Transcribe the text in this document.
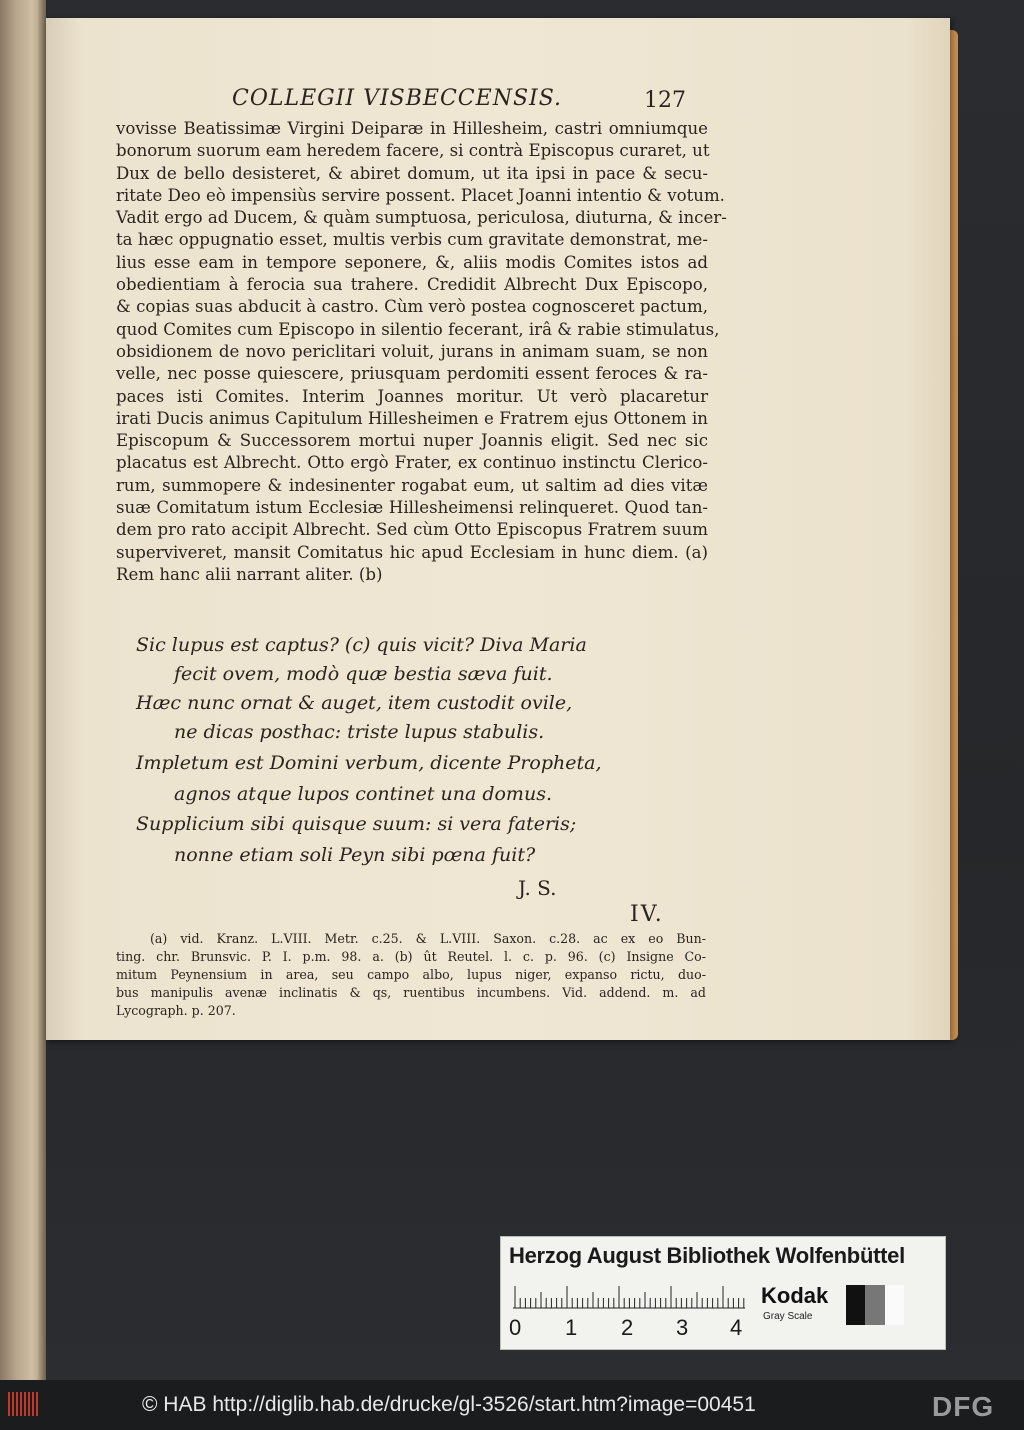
COLLEGII VISBECCENSIS.	127
vovisse Beatissimæ Virgini Deiparæ in Hillesheim, castri omniumque
bonorum suorum eam heredem facere, si contrà Episcopus curaret, ut
Dux de bello desisteret, & abiret domum, ut ita ipsi in pace & secu-
ritate Deo eò impensiùs servire possent. Placet Joanni intentio & votum.
Vadit ergo ad Ducem, & quàm sumptuosa, periculosa, diuturna, & incer-
ta hæc oppugnatio esset, multis verbis cum gravitate demonstrat, me-
lius esse eam in tempore seponere, &, aliis modis Comites istos ad
obedientiam à ferocia sua trahere. Credidit Albrecht Dux Episcopo,
& copias suas abducit à castro. Cùm verò postea cognosceret pactum,
quod Comites cum Episcopo in silentio fecerant, irâ & rabie stimulatus,
obsidionem de novo periclitari voluit, jurans in animam suam, se non
velle, nec posse quiescere, priusquam perdomiti essent feroces & ra-
paces isti Comites. Interim Joannes moritur. Ut verò placaretur
irati Ducis animus Capitulum Hillesheimen e Fratrem ejus Ottonem in
Episcopum & Successorem mortui nuper Joannis eligit. Sed nec sic
placatus est Albrecht. Otto ergò Frater, ex continuo instinctu Clerico-
rum, summopere & indesinenter rogabat eum, ut saltim ad dies vitæ
suæ Comitatum istum Ecclesiæ Hillesheimensi relinqueret. Quod tan-
dem pro rato accipit Albrecht. Sed cùm Otto Episcopus Fratrem suum
superviveret, mansit Comitatus hic apud Ecclesiam in hunc diem. (a)
Rem hanc alii narrant aliter. (b)
Sic lupus est captus? (c) quis vicit? Diva Maria
fecit ovem, modò quæ bestia sæva fuit.
Hæc nunc ornat & auget, item custodit ovile,
ne dicas posthac: triste lupus stabulis.
Impletum est Domini verbum, dicente Propheta,
agnos atque lupos continet una domus.
Supplicium sibi quisque suum: si vera fateris;
nonne etiam soli Peyn sibi pœna fuit?
J. S.
IV.
(a) vid. Kranz. L.VIII. Metr. c.25. & L.VIII. Saxon. c.28. ac ex eo Bun-
ting. chr. Brunsvic. P. I. p.m. 98. a. (b) ût Reutel. l. c. p. 96. (c) Insigne Co-
mitum Peynensium in area, seu campo albo, lupus niger, expanso rictu, duo-
bus manipulis avenæ inclinatis & qs, ruentibus incumbens. Vid. addend. m. ad
Lycograph. p. 207.
Herzog August Bibliothek Wolfenbüttel
0 1 2 3 4
Kodak
Gray Scale
© HAB http://diglib.hab.de/drucke/gl-3526/start.htm?image=00451	DFG
